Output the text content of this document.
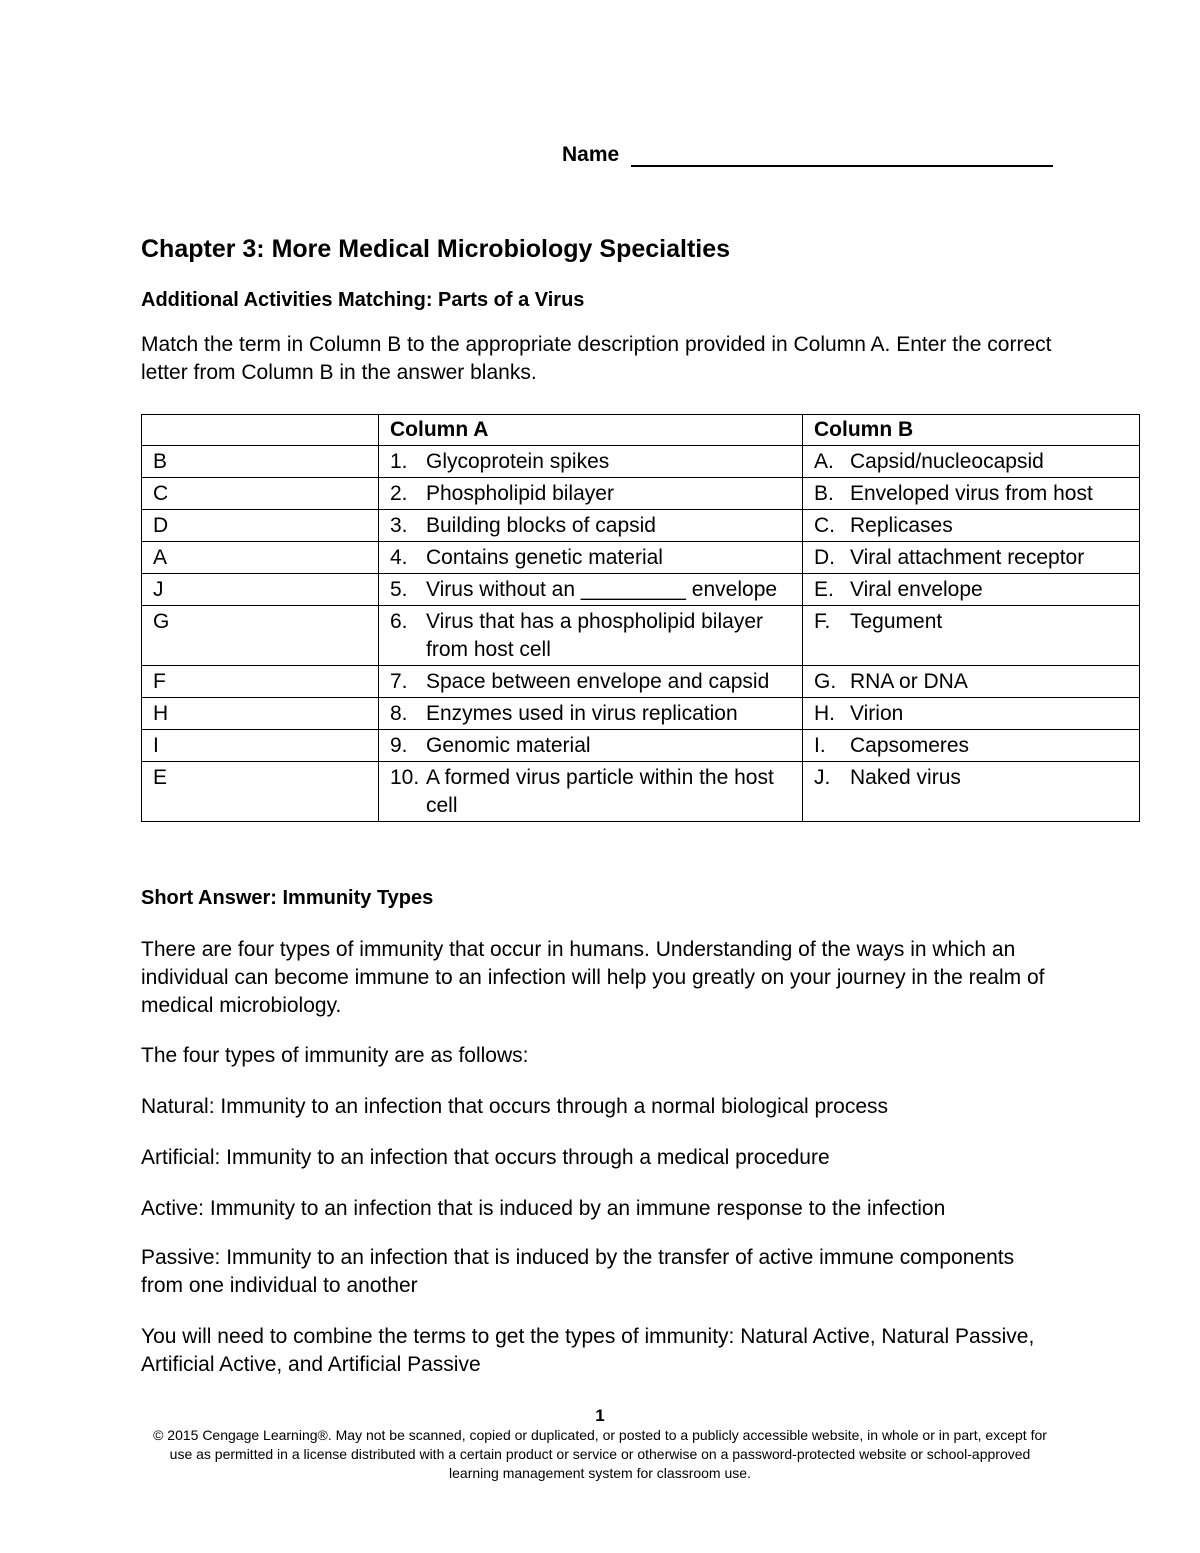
Name
Chapter 3: More Medical Microbiology Specialties
Additional Activities Matching: Parts of a Virus

Match the term in Column B to the appropriate description provided in Column A. Enter the correct letter from Column B in the answer blanks.

	Column A	Column B
B	1. Glycoprotein spikes	A. Capsid/nucleocapsid

C	2. Phospholipid bilayer	B. Enveloped virus from host

D	3. Building blocks of capsid	C. Replicases

A	4. Contains genetic material	D. Viral attachment receptor

J	5. Virus without an _________ envelope	E. Viral envelope

G	6. Virus that has a phospholipid bilayer from host cell	F. Tegument

F	7. Space between envelope and capsid	G. RNA or DNA

H	8. Enzymes used in virus replication	H. Virion

I	9. Genomic material	I. Capsomeres

E	10. A formed virus particle within the host cell	J. Naked virus
Short Answer: Immunity Types

There are four types of immunity that occur in humans. Understanding of the ways in which an individual can become immune to an infection will help you greatly on your journey in the realm of medical microbiology.

The four types of immunity are as follows:

Natural: Immunity to an infection that occurs through a normal biological process

Artificial: Immunity to an infection that occurs through a medical procedure

Active: Immunity to an infection that is induced by an immune response to the infection

Passive: Immunity to an infection that is induced by the transfer of active immune components from one individual to another

You will need to combine the terms to get the types of immunity: Natural Active, Natural Passive, Artificial Active, and Artificial Passive

1
© 2015 Cengage Learning®. May not be scanned, copied or duplicated, or posted to a publicly accessible website, in whole or in part, except for use as permitted in a license distributed with a certain product or service or otherwise on a password-protected website or school-approved learning management system for classroom use.
